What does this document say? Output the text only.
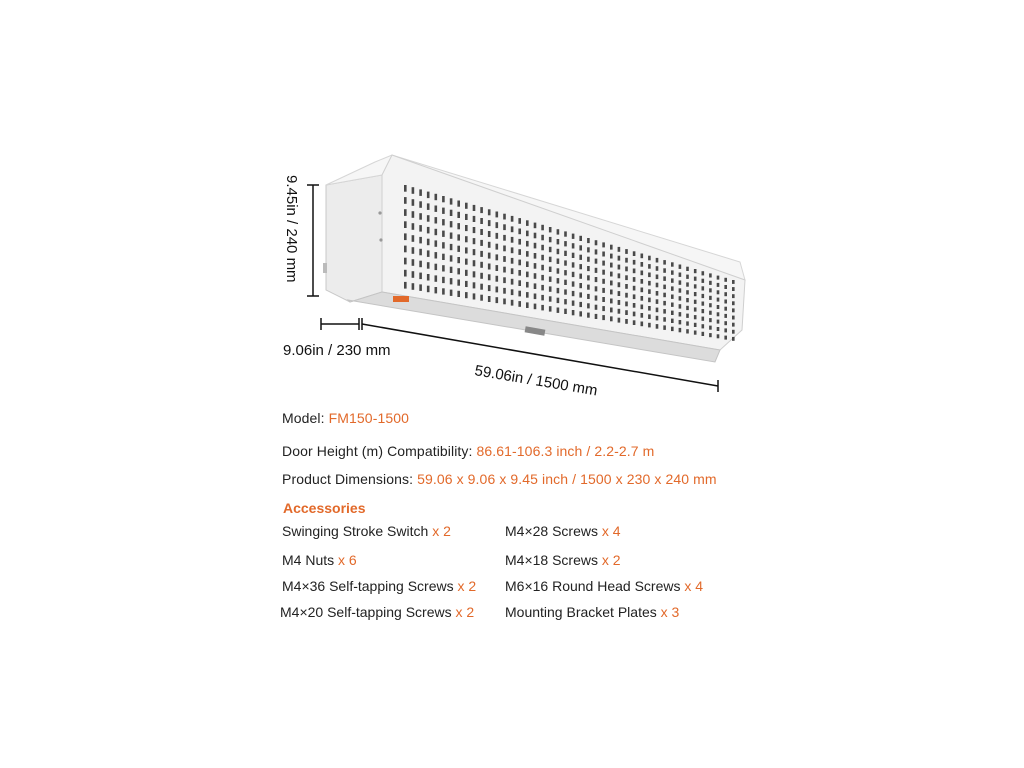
9.45in / 240 mm
9.06in / 230 mm
59.06in / 1500 mm
Model: FM150-1500
Door Height (m) Compatibility: 86.61-106.3 inch / 2.2-2.7 m
Product Dimensions: 59.06 x 9.06 x 9.45 inch / 1500 x 230 x 240 mm
Accessories
Swinging Stroke Switch x 2	M4×28 Screws x 4
M4 Nuts x 6	M4×18 Screws x 2
M4×36 Self-tapping Screws x 2 M6×16 Round Head Screws x 4
M4×20 Self-tapping Screws x 2 Mounting Bracket Plates x 3
